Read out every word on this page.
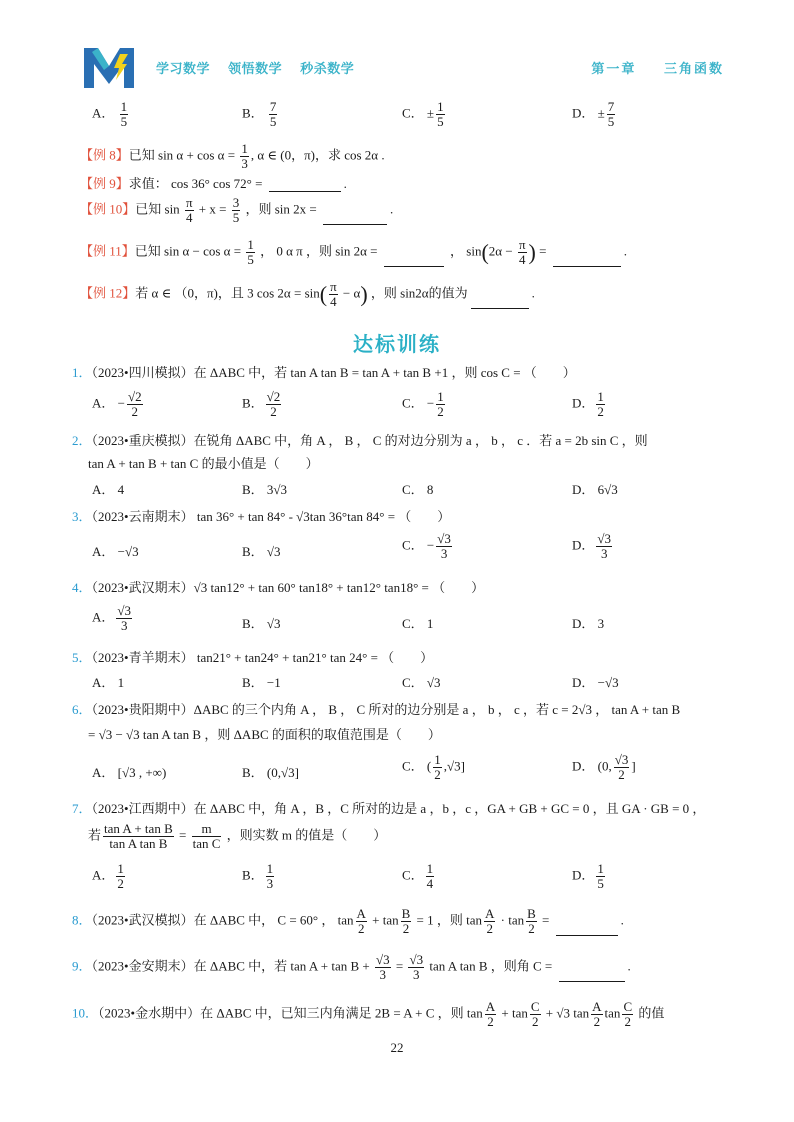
学习数学 领悟数学 秒杀数学	第一章 三角函数
A． $\frac{1}{5}$	B． $\frac{7}{5}$	C． ± $\frac{1}{5}$	D． ± $\frac{7}{5}$
【例 8】已知 $\sin \alpha + \cos \alpha = \frac{1}{3}$ , α ∈ (0，π)，求 cos 2α .
【例 9】求值： cos 36° cos 72° =	.
【例 10】已知 $\sin \frac{\pi}{4} + x = \frac{3}{5}$ ，则 sin 2x =	.
【例 11】已知 $\sin \alpha - \cos \alpha = \frac{1}{5}$ ， 0 α π ，则 sin 2α =	， $\sin(2\alpha - \frac{\pi}{4}$ ) =	.
【例 12】若 α ∈ （0，π)，且 3 $\cos 2\alpha = \sin( \frac{\pi}{4} - \alpha)$ ，则 sin2α的值为	.
达标训练
1．（2023•四川模拟）在 ΔABC 中，若 tan A tan B = tan A + tan B +1 ，则 cos C = （　　）
A． − $\frac{√2}{2}$	B． $\frac{√2}{2}$	C． − $\frac{1}{2}$	D． $\frac{1}{2}$
2．（2023•重庆模拟）在锐角 ΔABC 中，角 A ， B ， C 的对边分别为 a ， b ， c ．若 a = 2b sin C ，则
tan A + tan B + tan C 的最小值是（　　）
A． 4	B． 3√3	C． 8	D． 6√3
3．（2023•云南期末） tan 36° + tan 84° - √3tan 36°tan 84° = （　　）
A． −√3	B． √3	C． − $\frac{√3}{3}$	D． $\frac{√3}{3}$
4．（2023•武汉期末）√3 tan12° + tan 60° tan18° + tan12° tan18° = （　　）
A． $\frac{√3}{3}$	B． √3	C． 1	D． 3
5．（2023•青羊期末） tan21° + tan24° + tan21° tan 24° = （　　）
A． 1	B． −1	C． √3	D． −√3
6．（2023•贵阳期中）ΔABC 的三个内角 A ， B ， C 所对的边分别是 a ， b ， c ，若 c = 2√3 ， tan A + tan B
= √3 − √3 tan A tan B ，则 ΔABC 的面积的取值范围是（　　）
A． [√3 , +∞)	B． (0,√3]	C． ( $\frac{1}{2} ,√3$]	D． (0, $\frac{√3}{2}$ ]
7．（2023•江西期中）在 ΔABC 中，角 A ，B ，C 所对的边是 a ，b ，c ，GA + GB + GC = 0 ，且 GA · GB = 0 ，
若 $\frac{\text{tan A + tan B}}{\text{tan A tan B}} = \frac{m}{\text{tan C}}$ ，则实数 m 的值是（　　）
A． $\frac{1}{2}$	B． $\frac{1}{3}$	C． $\frac{1}{4}$	D． $\frac{1}{5}$
8．（2023•武汉模拟）在 ΔABC 中， C = 60° ， $\tan \frac{A}{2} + \tan \frac{B}{2} = 1$ ，则 $\tan \frac{A}{2} \cdot \tan \frac{B}{2}$ =	.
9．（2023•金安期末）在 ΔABC 中，若 $\tan A + \tan B + \frac{√3}{3} = \frac{√3}{3}$ tan A tan B ，则角 C =	.
10．（2023•金水期中）在 ΔABC 中，已知三内角满足 2B = A + C ，则 $\tan \frac{A}{2} + \tan \frac{C}{2} + √3$ $\tan \frac{A}{2}$ $\tan \frac{C}{2}$ 的值
22
